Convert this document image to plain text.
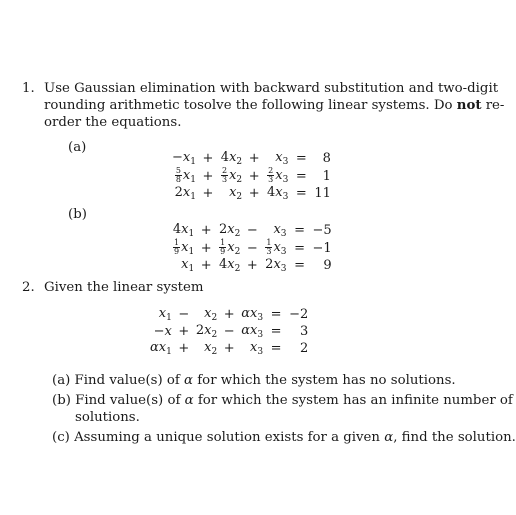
1. Use Gaussian elimination with backward substitution and two-digit
rounding arithmetic tosolve the following linear systems. Do not re-
order the equations.
(a)
$-x_1$	+	$4x_2$	+	$x_3$	=	8

$\frac{5}{8} x_1$	+	$\frac{2}{3} x_2$	+	$\frac{2}{3} x_3$	=	1
$2x_1$	+	$x_2$	+	$4x_3$	=	11
(b)
$4x_1$	+	$2x_2$	−	$x_3$	=	−5

$\frac{1}{9} x_1$	+	$\frac{1}{9} x_2$	−	$\frac{1}{3} x_3$	=	−1
$x_1$	+	$4x_2$	+	$2x_3$	=	9
2. Given the linear system
$x_1$	−	$x_2$	+	$\alpha x_3$	=	−2
−x	+	$2x_2$	−	$\alpha x_3$	=	3
$\alpha x_1$	+	$x_2$	+	$x_3$	=	2
(a) Find value(s) of α for which the system has no solutions.
(b) Find value(s) of α for which the system has an infinite number of
solutions.
(c) Assuming a unique solution exists for a given α, find the solution.
